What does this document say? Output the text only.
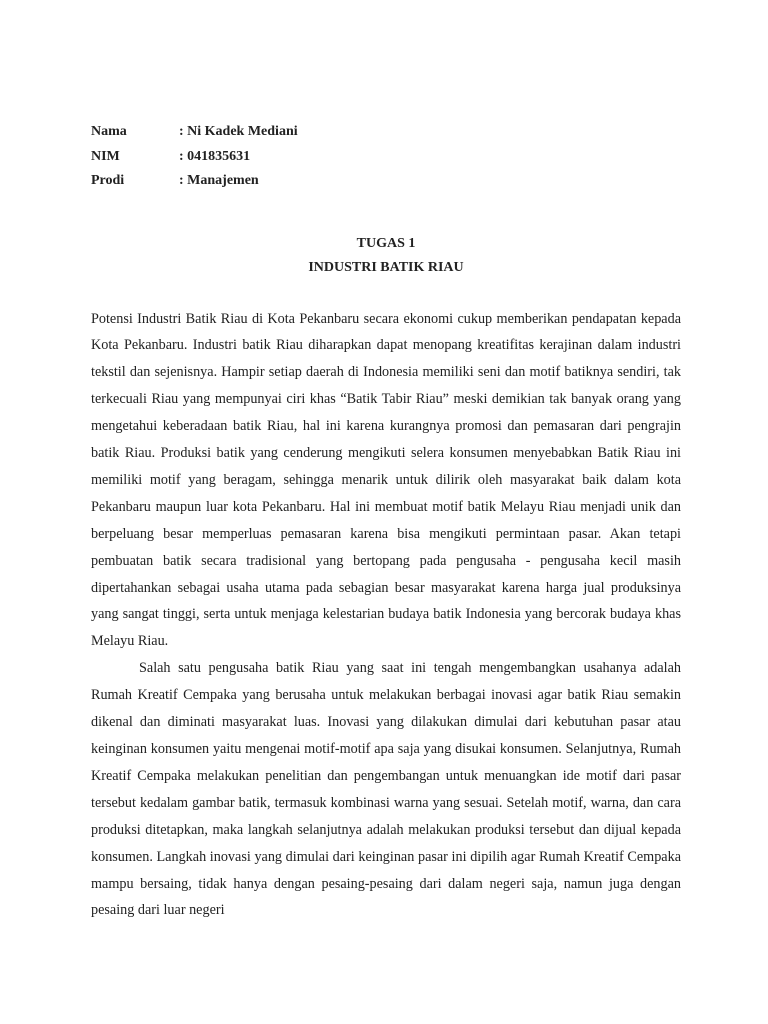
Nama	: Ni Kadek Mediani
NIM	: 041835631
Prodi	: Manajemen
TUGAS 1
INDUSTRI BATIK RIAU

Potensi Industri Batik Riau di Kota Pekanbaru secara ekonomi cukup memberikan pendapatan kepada Kota Pekanbaru. Industri batik Riau diharapkan dapat menopang kreatifitas kerajinan dalam industri tekstil dan sejenisnya. Hampir setiap daerah di Indonesia memiliki seni dan motif batiknya sendiri, tak terkecuali Riau yang mempunyai ciri khas “Batik Tabir Riau” meski demikian tak banyak orang yang mengetahui keberadaan batik Riau, hal ini karena kurangnya promosi dan pemasaran dari pengrajin batik Riau. Produksi batik yang cenderung mengikuti selera konsumen menyebabkan Batik Riau ini memiliki motif yang beragam, sehingga menarik untuk dilirik oleh masyarakat baik dalam kota Pekanbaru maupun luar kota Pekanbaru. Hal ini membuat motif batik Melayu Riau menjadi unik dan berpeluang besar memperluas pemasaran karena bisa mengikuti permintaan pasar. Akan tetapi pembuatan batik secara tradisional yang bertopang pada pengusaha - pengusaha kecil masih dipertahankan sebagai usaha utama pada sebagian besar masyarakat karena harga jual produksinya yang sangat tinggi, serta untuk menjaga kelestarian budaya batik Indonesia yang bercorak budaya khas Melayu Riau.

Salah satu pengusaha batik Riau yang saat ini tengah mengembangkan usahanya adalah Rumah Kreatif Cempaka yang berusaha untuk melakukan berbagai inovasi agar batik Riau semakin dikenal dan diminati masyarakat luas. Inovasi yang dilakukan dimulai dari kebutuhan pasar atau keinginan konsumen yaitu mengenai motif-motif apa saja yang disukai konsumen. Selanjutnya, Rumah Kreatif Cempaka melakukan penelitian dan pengembangan untuk menuangkan ide motif dari pasar tersebut kedalam gambar batik, termasuk kombinasi warna yang sesuai. Setelah motif, warna, dan cara produksi ditetapkan, maka langkah selanjutnya adalah melakukan produksi tersebut dan dijual kepada konsumen. Langkah inovasi yang dimulai dari keinginan pasar ini dipilih agar Rumah Kreatif Cempaka mampu bersaing, tidak hanya dengan pesaing-pesaing dari dalam negeri saja, namun juga dengan pesaing dari luar negeri
